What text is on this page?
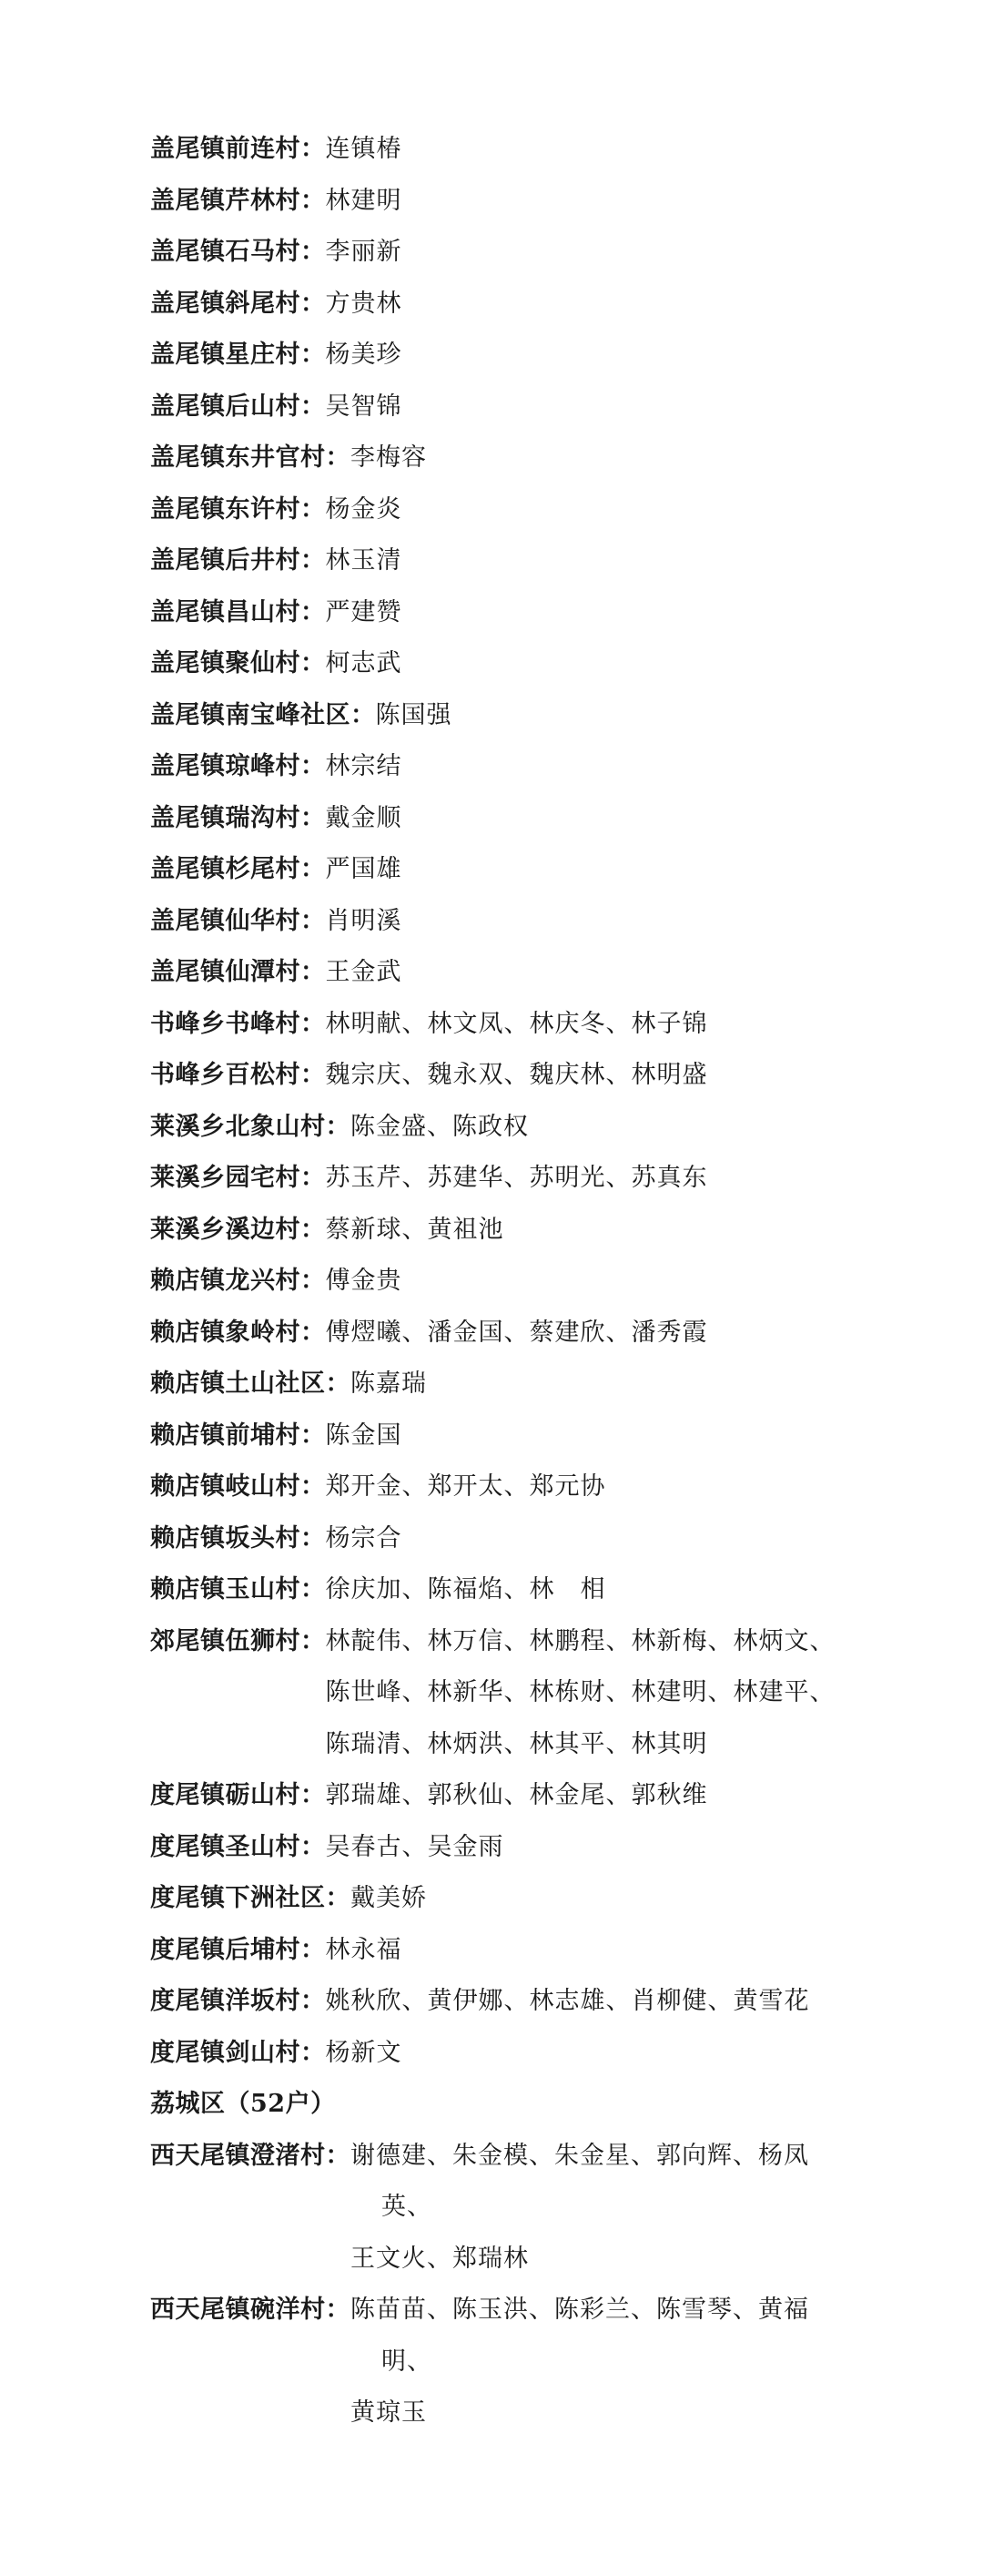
盖尾镇前连村： 连镇椿
盖尾镇芹林村： 林建明
盖尾镇石马村： 李丽新
盖尾镇斜尾村： 方贵林
盖尾镇星庄村： 杨美珍
盖尾镇后山村： 吴智锦
盖尾镇东井官村： 李梅容
盖尾镇东许村： 杨金炎
盖尾镇后井村： 林玉清
盖尾镇昌山村： 严建赞
盖尾镇聚仙村： 柯志武
盖尾镇南宝峰社区： 陈国强
盖尾镇琼峰村： 林宗结
盖尾镇瑞沟村： 戴金顺
盖尾镇杉尾村： 严国雄
盖尾镇仙华村： 肖明溪
盖尾镇仙潭村： 王金武
书峰乡书峰村： 林明献、林文凤、林庆冬、林子锦
书峰乡百松村： 魏宗庆、魏永双、魏庆林、林明盛
莱溪乡北象山村： 陈金盛、陈政权
莱溪乡园宅村： 苏玉芹、苏建华、苏明光、苏真东
莱溪乡溪边村： 蔡新球、黄祖池
赖店镇龙兴村： 傅金贵
赖店镇象岭村： 傅熤曦、潘金国、蔡建欣、潘秀霞
赖店镇土山社区： 陈嘉瑞
赖店镇前埔村： 陈金国
赖店镇岐山村： 郑开金、郑开太、郑元协
赖店镇坂头村： 杨宗合
赖店镇玉山村： 徐庆加、陈福焰、林　相
郊尾镇伍狮村： 林靛伟、林万信、林鹏程、林新梅、林炳文、
陈世峰、林新华、林栋财、林建明、林建平、
陈瑞清、林炳洪、林其平、林其明
度尾镇砺山村： 郭瑞雄、郭秋仙、林金尾、郭秋维
度尾镇圣山村： 吴春古、吴金雨
度尾镇下洲社区： 戴美娇
度尾镇后埔村： 林永福
度尾镇洋坂村： 姚秋欣、黄伊娜、林志雄、肖柳健、黄雪花
度尾镇剑山村： 杨新文
荔城区（52户）
西天尾镇澄渚村： 谢德建、朱金模、朱金星、郭向辉、杨凤
英、
王文火、郑瑞林
西天尾镇碗洋村： 陈苗苗、陈玉洪、陈彩兰、陈雪琴、黄福
明、
黄琼玉
